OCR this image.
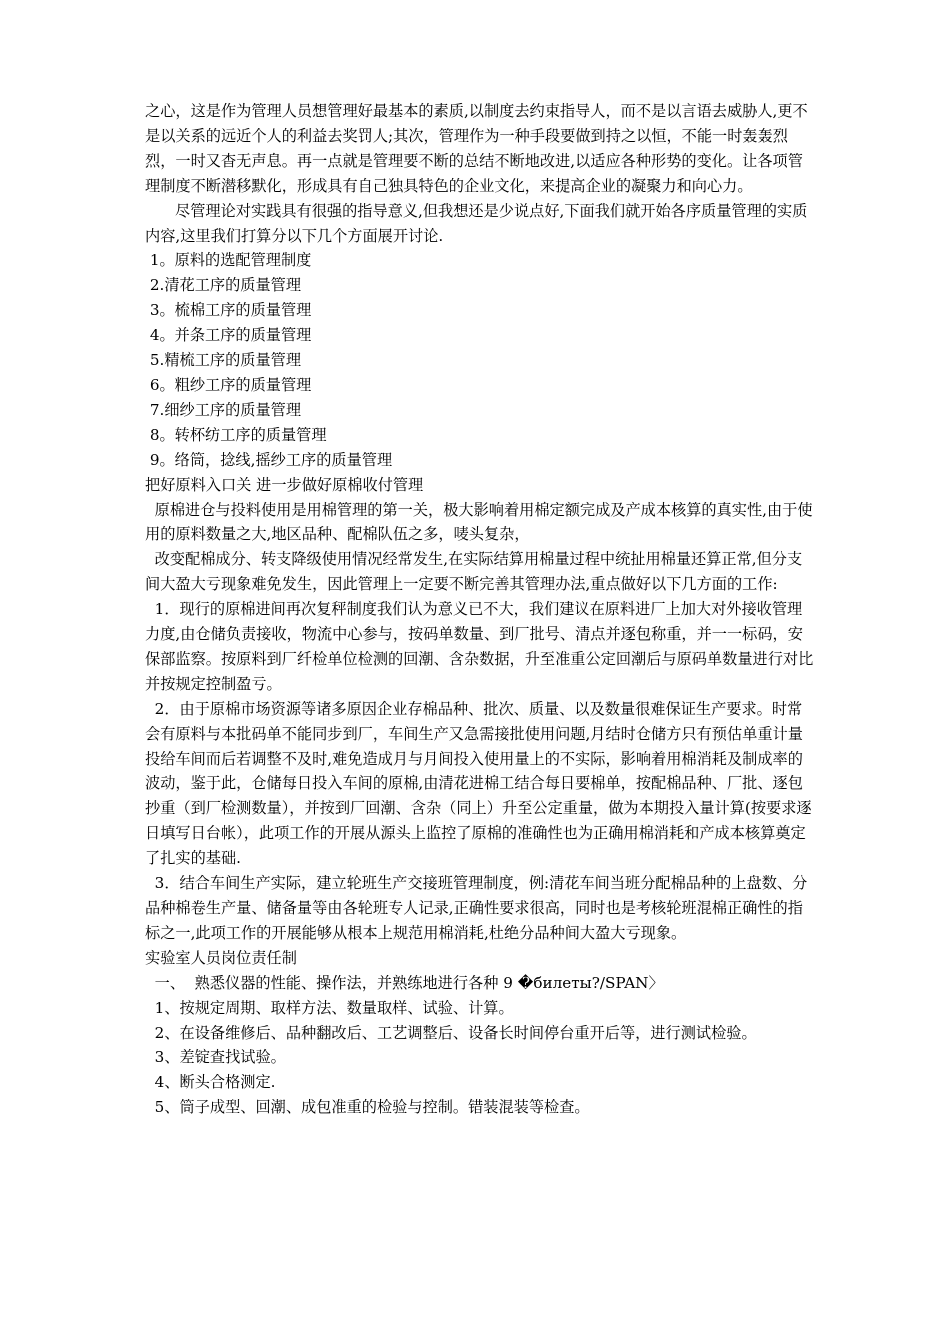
之心，这是作为管理人员想管理好最基本的素质,以制度去约束指导人，而不是以言语去威胁人,更不是以关系的远近个人的利益去奖罚人;其次，管理作为一种手段要做到持之以恒，不能一时轰轰烈烈，一时又杳无声息。再一点就是管理要不断的总结不断地改进,以适应各种形势的变化。让各项管理制度不断潜移默化，形成具有自己独具特色的企业文化，来提高企业的凝聚力和向心力。

尽管理论对实践具有很强的指导意义,但我想还是少说点好,下面我们就开始各序质量管理的实质内容,这里我们打算分以下几个方面展开讨论.

1。原料的选配管理制度

2.清花工序的质量管理

3。梳棉工序的质量管理

4。并条工序的质量管理

5.精梳工序的质量管理

6。粗纱工序的质量管理

7.细纱工序的质量管理

8。转杯纺工序的质量管理

9。络筒，捻线,摇纱工序的质量管理

把好原料入口关 进一步做好原棉收付管理

原棉进仓与投料使用是用棉管理的第一关，极大影响着用棉定额完成及产成本核算的真实性,由于使用的原料数量之大,地区品种、配棉队伍之多，唛头复杂，

改变配棉成分、转支降级使用情况经常发生,在实际结算用棉量过程中统扯用棉量还算正常,但分支间大盈大亏现象难免发生，因此管理上一定要不断完善其管理办法,重点做好以下几方面的工作:

1．现行的原棉进间再次复秤制度我们认为意义已不大，我们建议在原料进厂上加大对外接收管理力度,由仓储负责接收，物流中心参与，按码单数量、到厂批号、清点并逐包称重，并一一标码，安保部监察。按原料到厂纤检单位检测的回潮、含杂数据，升至准重公定回潮后与原码单数量进行对比并按规定控制盈亏。

2．由于原棉市场资源等诸多原因企业存棉品种、批次、质量、以及数量很难保证生产要求。时常会有原料与本批码单不能同步到厂，车间生产又急需接批使用问题,月结时仓储方只有预估单重计量投给车间而后若调整不及时,难免造成月与月间投入使用量上的不实际，影响着用棉消耗及制成率的波动，鉴于此，仓储每日投入车间的原棉,由清花进棉工结合每日要棉单，按配棉品种、厂批、逐包抄重（到厂检测数量），并按到厂回潮、含杂（同上）升至公定重量，做为本期投入量计算(按要求逐日填写日台帐），此项工作的开展从源头上监控了原棉的准确性也为正确用棉消耗和产成本核算奠定了扎实的基础.

3．结合车间生产实际，建立轮班生产交接班管理制度，例:清花车间当班分配棉品种的上盘数、分品种棉卷生产量、储备量等由各轮班专人记录,正确性要求很高，同时也是考核轮班混棉正确性的指标之一,此项工作的开展能够从根本上规范用棉消耗,杜绝分品种间大盈大亏现象。

实验室人员岗位责任制

一、  熟悉仪器的性能、操作法，并熟练地进行各种 9 �билеты?/SPAN〉

1、按规定周期、取样方法、数量取样、试验、计算。

2、在设备维修后、品种翻改后、工艺调整后、设备长时间停台重开后等，进行测试检验。

3、差锭查找试验。

4、断头合格测定.

5、筒子成型、回潮、成包准重的检验与控制。错装混装等检查。
